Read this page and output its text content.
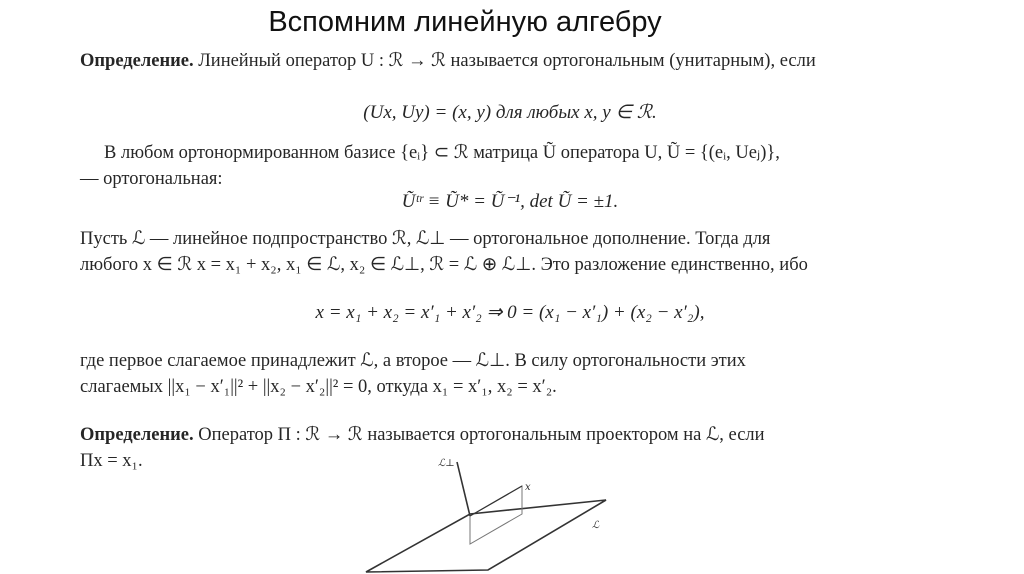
Вспомним линейную алгебру
Определение. Линейный оператор U : ℛ → ℛ называется ортогональным (унитарным), если
(Ux, Uy) = (x, y) для любых x, y ∈ ℛ.
В любом ортонормированном базисе {eᵢ} ⊂ ℛ матрица Ũ оператора U, Ũ = {(eᵢ, Ueⱼ)},
— ортогональная:
Ũᵗʳ ≡ Ũ* = Ũ⁻¹, det Ũ = ±1.
Пусть ℒ — линейное подпространство ℛ, ℒ⊥ — ортогональное дополнение. Тогда для
любого x ∈ ℛ x = x₁ + x₂, x₁ ∈ ℒ, x₂ ∈ ℒ⊥, ℛ = ℒ ⊕ ℒ⊥. Это разложение единственно, ибо
x = x₁ + x₂ = x′₁ + x′₂ ⇒ 0 = (x₁ − x′₁) + (x₂ − x′₂),
где первое слагаемое принадлежит ℒ, а второе — ℒ⊥. В силу ортогональности этих
слагаемых ||x₁ − x′₁||² + ||x₂ − x′₂||² = 0, откуда x₁ = x′₁, x₂ = x′₂.
Определение. Оператор Π : ℛ → ℛ называется ортогональным проектором на ℒ, если
Πx = x₁.	ℒ⊥
x
ℒ
